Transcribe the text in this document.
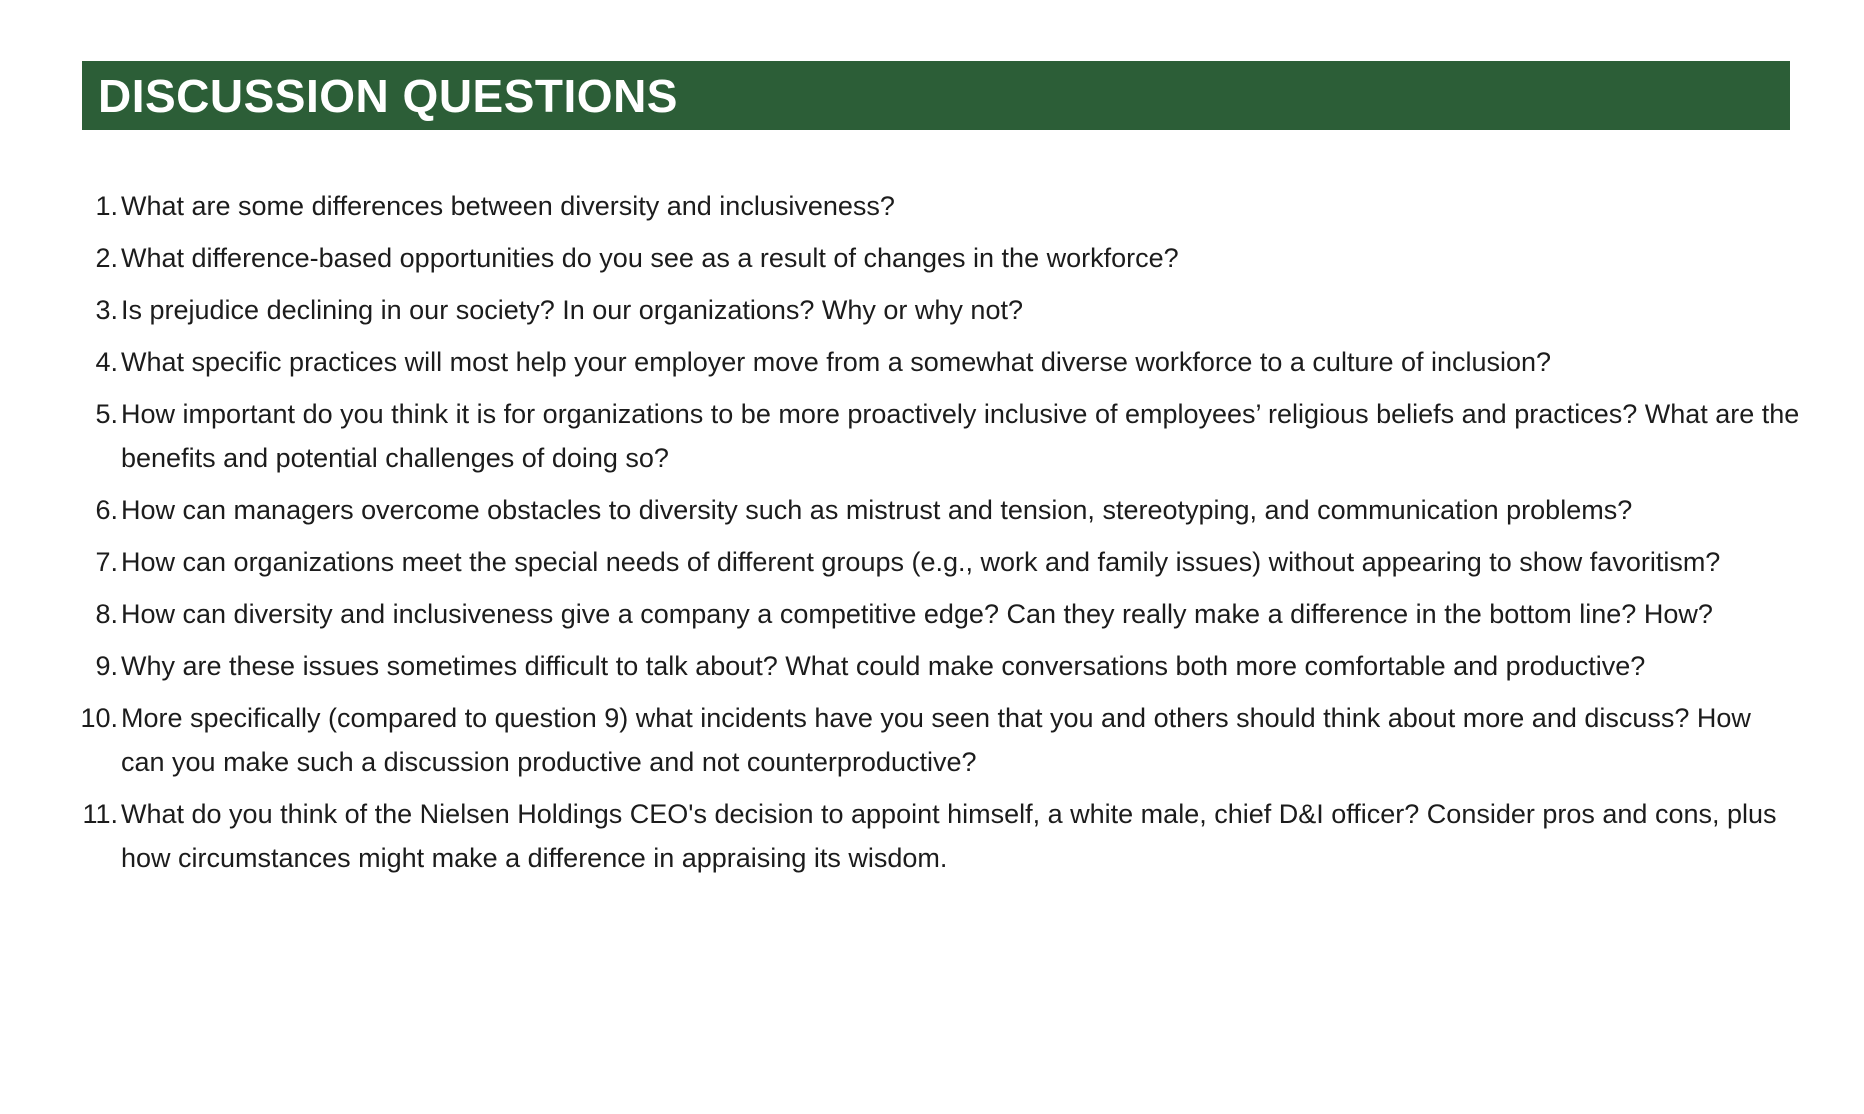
DISCUSSION QUESTIONS
1. What are some differences between diversity and inclusiveness?
2. What difference-based opportunities do you see as a result of changes in the workforce?
3. Is prejudice declining in our society? In our organizations? Why or why not?
4. What specific practices will most help your employer move from a somewhat diverse workforce to a culture of inclusion?
5. How important do you think it is for organizations to be more proactively inclusive of employees’ religious beliefs and practices? What are the benefits and potential challenges of doing so?
6. How can managers overcome obstacles to diversity such as mistrust and tension, stereotyping, and communication problems?
7. How can organizations meet the special needs of different groups (e.g., work and family issues) without appearing to show favoritism?
8. How can diversity and inclusiveness give a company a competitive edge? Can they really make a difference in the bottom line? How?
9. Why are these issues sometimes difficult to talk about? What could make conversations both more comfortable and productive?
10. More specifically (compared to question 9) what incidents have you seen that you and others should think about more and discuss? How can you make such a discussion productive and not counterproductive?
11. What do you think of the Nielsen Holdings CEO's decision to appoint himself, a white male, chief D&I officer? Consider pros and cons, plus how circumstances might make a difference in appraising its wisdom.
